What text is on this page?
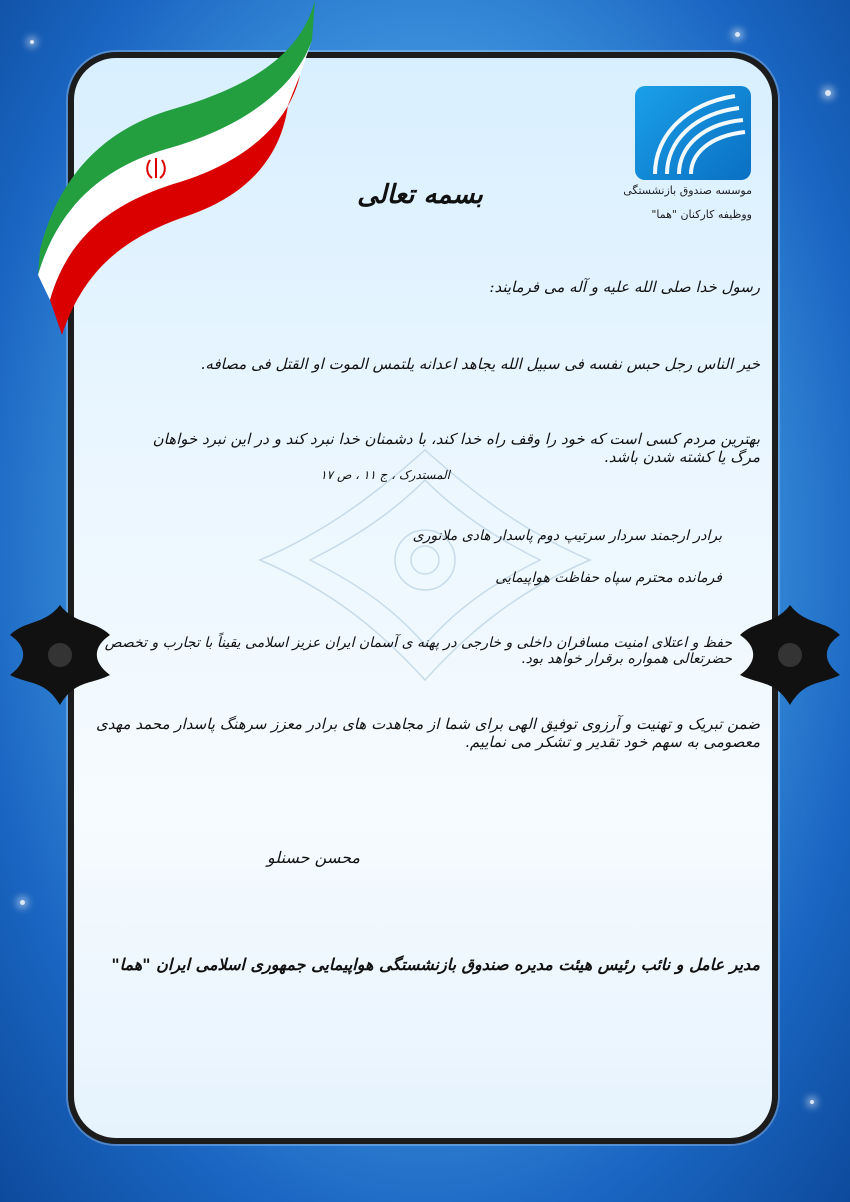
موسسه صندوق بازنشستگی
ووظیفه کارکنان "هما"
بسمه تعالی
رسول خدا صلی الله علیه و آله می فرمایند:
خیر الناس رجل حبس نفسه فی سبیل الله یجاهد اعدانه یلتمس الموت او القتل فی مصافه.
بهترین مردم کسی است که خود را وقف راه خدا کند، با دشمنان خدا نبرد کند و در این نبرد خواهان مرگ یا کشته شدن باشد.
المستدرک ، ج ۱۱ ، ص ۱۷
برادر ارجمند سردار سرتیپ دوم پاسدار هادی ملانوری
فرمانده محترم سپاه حفاظت هواپیمایی
حفظ و اعتلای امنیت مسافران داخلی و خارجی در پهنه ی آسمان ایران عزیز اسلامی یقیناً با تجارب و تخصص حضرتعالی همواره برقرار خواهد بود.
ضمن تبریک و تهنیت و آرزوی توفیق الهی برای شما از مجاهدت های برادر معزز سرهنگ پاسدار محمد مهدی معصومی به سهم خود تقدیر و تشکر می نماییم.
محسن حسنلو
مدیر عامل و نائب رئیس هیئت مدیره صندوق بازنشستگی هواپیمایی جمهوری اسلامی ایران "هما"
